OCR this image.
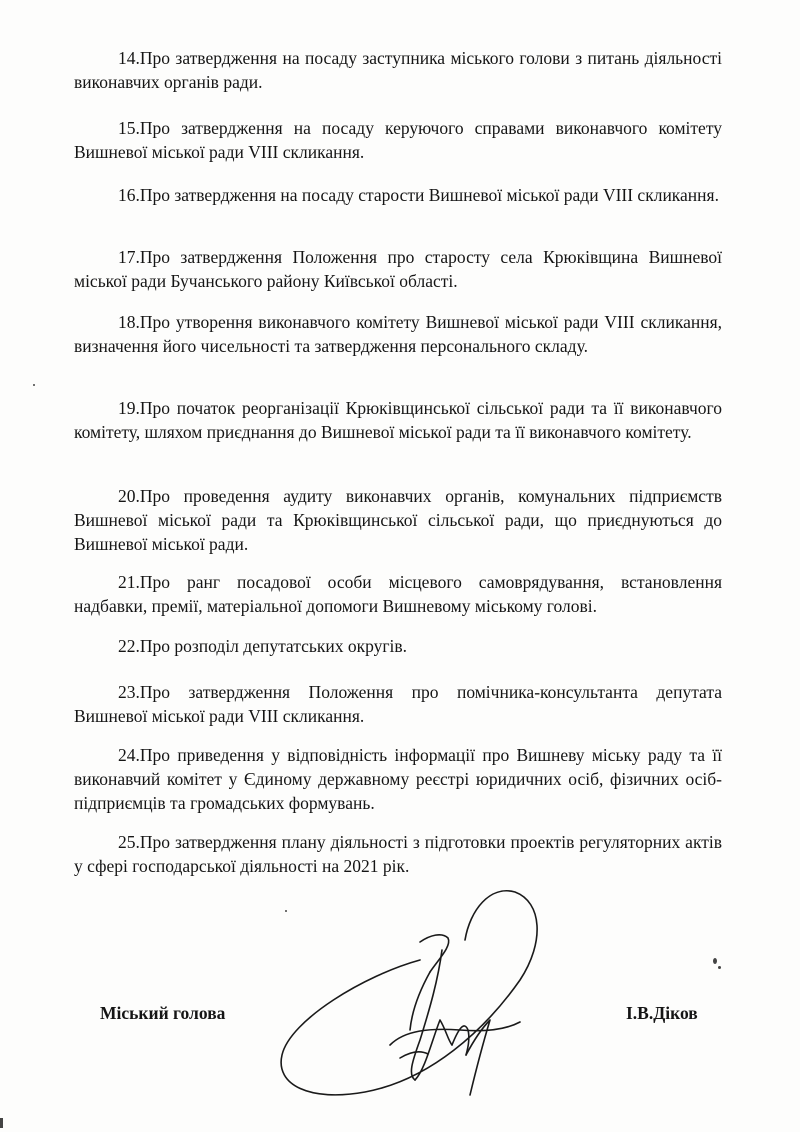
14.Про затвердження на посаду заступника міського голови з питань діяльності виконавчих органів ради.

15.Про затвердження на посаду керуючого справами виконавчого комітету Вишневої міської ради VIII скликання.

16.Про затвердження на посаду старости Вишневої міської ради VIII скликання.

17.Про затвердження Положення про старосту села Крюківщина Вишневої міської ради Бучанського району Київської області.

18.Про утворення виконавчого комітету Вишневої міської ради VIII скликання, визначення його чисельності та затвердження персонального складу.

19.Про початок реорганізації Крюківщинської сільської ради та її виконавчого комітету, шляхом приєднання до Вишневої міської ради та її виконавчого комітету.

20.Про проведення аудиту виконавчих органів, комунальних підприємств Вишневої міської ради та Крюківщинської сільської ради, що приєднуються до Вишневої міської ради.

21.Про ранг посадової особи місцевого самоврядування, встановлення надбавки, премії, матеріальної допомоги Вишневому міському голові.

22.Про розподіл депутатських округів.

23.Про затвердження Положення про помічника-консультанта депутата Вишневої міської ради VIII скликання.

24.Про приведення у відповідність інформації про Вишневу міську раду та її виконавчий комітет у Єдиному державному реєстрі юридичних осіб, фізичних осіб-підприємців та громадських формувань.

25.Про затвердження плану діяльності з підготовки проектів регуляторних актів у сфері господарської діяльності на 2021 рік.

Міський голова	І.В.Діков
